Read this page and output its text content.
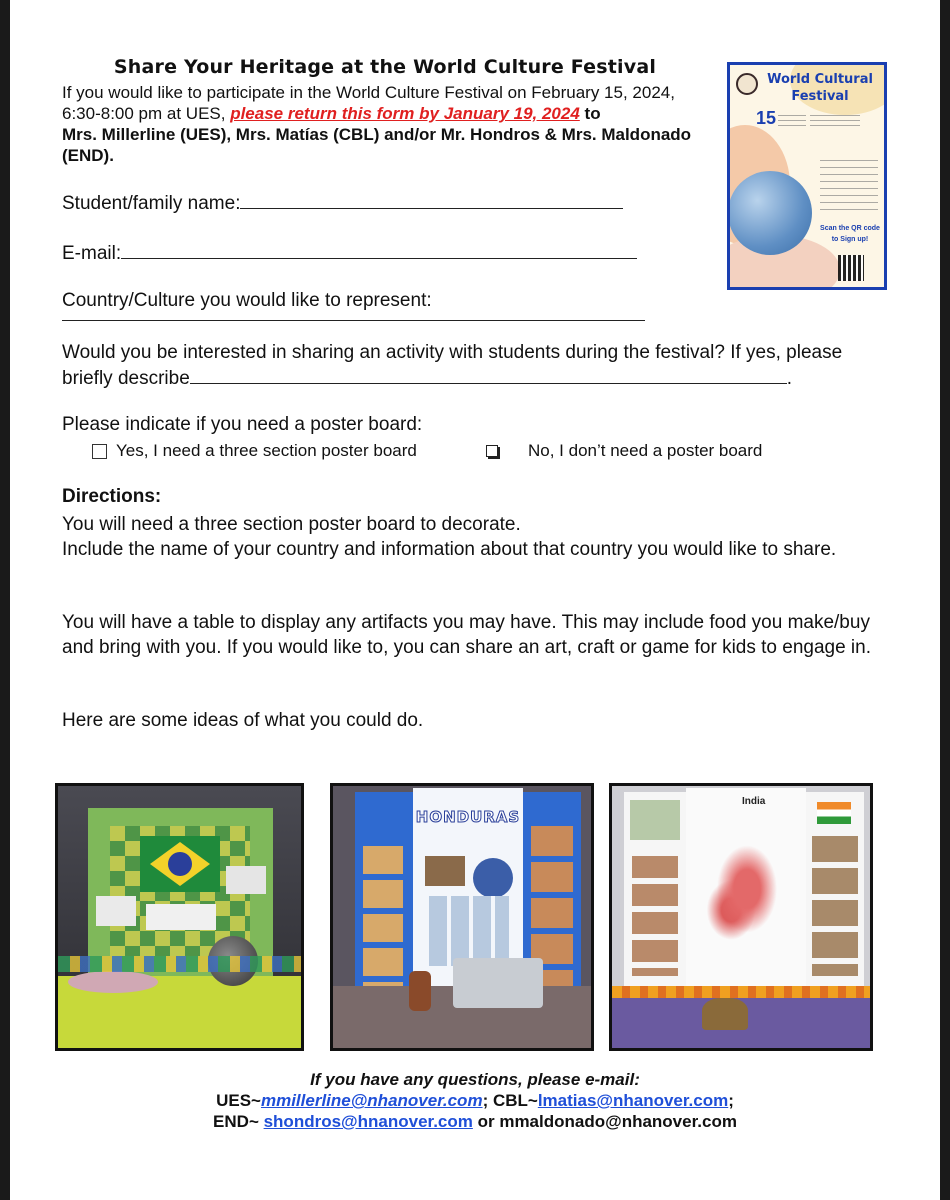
Share Your Heritage at the World Culture Festival
If you would like to participate in the World Culture Festival on February 15, 2024, 6:30-8:00 pm at UES, please return this form by January 19, 2024 to
Mrs. Millerline (UES), Mrs. Matías (CBL) and/or Mr. Hondros & Mrs. Maldonado (END).
World Cultural Festival
15
Scan the QR code to Sign up!
Student/family name:
E-mail:
Country/Culture you would like to represent:
Would you be interested in sharing an activity with students during the festival? If yes, please briefly describe	.
Please indicate if you need a poster board:
Yes, I need a three section poster board	No, I don’t need a poster board
Directions:
You will need a three section poster board to decorate.
Include the name of your country and information about that country you would like to share.
You will have a table to display any artifacts you may have. This may include food you make/buy and bring with you. If you would like to, you can share an art, craft or game for kids to engage in.
Here are some ideas of what you could do.
HONDURAS
India
If you have any questions, please e-mail:
UES~mmillerline@nhanover.com; CBL~lmatias@nhanover.com;
END~ shondros@hnanover.com or mmaldonado@nhanover.com
